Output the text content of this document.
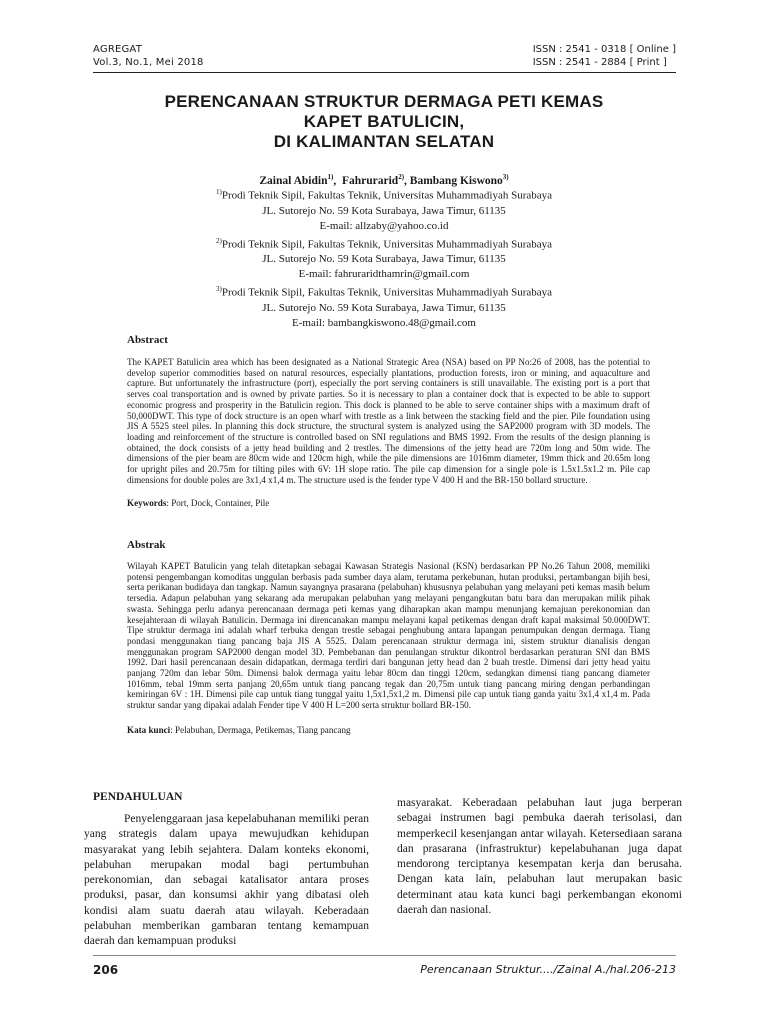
AGREGAT
Vol.3, No.1, Mei 2018
ISSN : 2541 - 0318 [ Online ]
ISSN : 2541 - 2884 [ Print ]
PERENCANAAN STRUKTUR DERMAGA PETI KEMAS
KAPET BATULICIN,
DI KALIMANTAN SELATAN
Zainal Abidin$^{1)}$,  Fahrurarid$^{2)}$, Bambang Kiswono$^{3)}$
$^{1)}$Prodi Teknik Sipil, Fakultas Teknik, Universitas Muhammadiyah Surabaya
JL. Sutorejo No. 59 Kota Surabaya, Jawa Timur, 61135
E-mail: allzaby@yahoo.co.id
$^{2)}$Prodi Teknik Sipil, Fakultas Teknik, Universitas Muhammadiyah Surabaya
JL. Sutorejo No. 59 Kota Surabaya, Jawa Timur, 61135
E-mail: fahrurаridthamrin@gmail.com
$^{3)}$Prodi Teknik Sipil, Fakultas Teknik, Universitas Muhammadiyah Surabaya
JL. Sutorejo No. 59 Kota Surabaya, Jawa Timur, 61135
E-mail: bambangkiswono.48@gmail.com
Abstract
The KAPET Batulicin area which has been designated as a National Strategic Area (NSA) based on PP No:26 of 2008, has the potential to develop superior commodities based on natural resources, especially plantations, production forests, iron or mining, and aquaculture and capture. But unfortunately the infrastructure (port), especially the port serving containers is still unavailable. The existing port is a port that serves coal transportation and is owned by private parties. So it is necessary to plan a container dock that is expected to be able to support economic progress and prosperity in the Batulicin region. This dock is planned to be able to serve container ships with a maximum draft of 50,000DWT. This type of dock structure is an open wharf with trestle as a link between the stacking field and the pier. Pile foundation using JIS A 5525 steel piles. In planning this dock structure, the structural system is analyzed using the SAP2000 program with 3D models. The loading and reinforcement of the structure is controlled based on SNI regulations and BMS 1992. From the results of the design planning is obtained, the dock consists of a jetty head building and 2 trestles. The dimensions of the jetty head are 720m long and 50m wide. The dimensions of the pier beam are 80cm wide and 120cm high, while the pile dimensions are 1016mm diameter, 19mm thick and 20.65m long for upright piles and 20.75m for tilting piles with 6V: 1H slope ratio. The pile cap dimension for a single pole is 1.5x1.5x1.2 m. Pile cap dimensions for double poles are 3x1,4 x1,4 m. The structure used is the fender type V 400 H and the BR-150 bollard structure.
Keywords: Port, Dock, Container, Pile
Abstrak
Wilayah KAPET Batulicin yang telah ditetapkan sebagai Kawasan Strategis Nasional (KSN) berdasarkan PP No.26 Tahun 2008, memiliki potensi pengembangan komoditas unggulan berbasis pada sumber daya alam, terutama perkebunan, hutan produksi, pertambangan bijih besi, serta perikanan budidaya dan tangkap. Namun sayangnya prasarana (pelabuhan) khususnya pelabuhan yang melayani peti kemas masih belum tersedia. Adapun pelabuhan yang sekarang ada merupakan pelabuhan yang melayani pengangkutan batu bara dan merupakan milik pihak swasta. Sehingga perlu adanya perencanaan dermaga peti kemas yang diharapkan akan mampu menunjang kemajuan perekonomian dan kesejahteraan di wilayah Batulicin. Dermaga ini direncanakan mampu melayani kapal petikemas dengan draft kapal maksimal 50.000DWT. Tipe struktur dermaga ini adalah wharf terbuka dengan trestle sebagai penghubung antara lapangan penumpukan dengan dermaga. Tiang pondasi menggunakan tiang pancang baja JIS A 5525. Dalam perencanaan struktur dermaga ini, sistem struktur dianalisis dengan menggunakan program SAP2000 dengan model 3D. Pembebanan dan penulangan struktur dikontrol berdasarkan peraturan SNI dan BMS 1992. Dari hasil perencanaan desain didapatkan, dermaga terdiri dari bangunan jetty head dan 2 buah trestle. Dimensi dari jetty head yaitu panjang 720m dan lebar 50m. Dimensi balok dermaga yaitu lebar 80cm dan tinggi 120cm, sedangkan dimensi tiang pancang diameter 1016mm, tebal 19mm serta panjang 20,65m untuk tiang pancang tegak dan 20,75m untuk tiang pancang miring dengan perbandingan kemiringan 6V : 1H. Dimensi pile cap untuk tiang tunggal yaitu 1,5x1,5x1,2 m. Dimensi pile cap untuk tiang ganda yaitu 3x1,4 x1,4 m. Pada struktur sandar yang dipakai adalah Fender tipe V 400 H L=200 serta struktur bollard BR-150.
Kata kunci: Pelabuhan, Dermaga, Petikemas, Tiang pancang
PENDAHULUAN
Penyelenggaraan jasa kepelabuhanan memiliki peran yang strategis dalam upaya mewujudkan kehidupan masyarakat yang lebih sejahtera. Dalam konteks ekonomi, pelabuhan merupakan modal bagi pertumbuhan perekonomian, dan sebagai katalisator antara proses produksi, pasar, dan konsumsi akhir yang dibatasi oleh kondisi alam suatu daerah atau wilayah. Keberadaan pelabuhan memberikan gambaran tentang kemampuan daerah dan kemampuan produksi
masyarakat. Keberadaan pelabuhan laut juga berperan sebagai instrumen bagi pembuka daerah terisolasi, dan memperkecil kesenjangan antar wilayah. Ketersediaan sarana dan prasarana (infrastruktur) kepelabuhanan juga dapat mendorong terciptanya kesempatan kerja dan berusaha. Dengan kata lain, pelabuhan laut merupakan basic determinant atau kata kunci bagi perkembangan ekonomi daerah dan nasional.
206	Perencanaan Struktur..../Zainal A./hal.206-213
